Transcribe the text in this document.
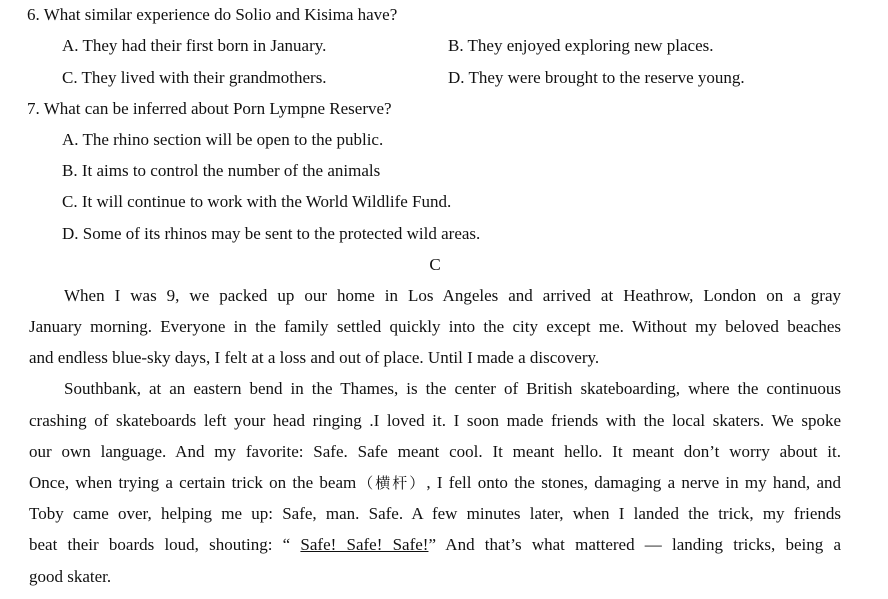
6. What similar experience do Solio and Kisima have?
A. They had their first born in January.	B. They enjoyed exploring new places.
C. They lived with their grandmothers.	D. They were brought to the reserve young.
7. What can be inferred about Porn Lympne Reserve?
A. The rhino section will be open to the public.
B. It aims to control the number of the animals
C. It will continue to work with the World Wildlife Fund.
D. Some of its rhinos may be sent to the protected wild areas.
C
When I was 9, we packed up our home in Los Angeles and arrived at Heathrow, London on a gray
January morning. Everyone in the family settled quickly into the city except me. Without my beloved beaches
and endless blue-sky days, I felt at a loss and out of place. Until I made a discovery.
Southbank, at an eastern bend in the Thames, is the center of British skateboarding, where the continuous
crashing of skateboards left your head ringing .I loved it. I soon made friends with the local skaters. We spoke
our own language. And my favorite: Safe. Safe meant cool. It meant hello. It meant don’t worry about it.
Once, when trying a certain trick on the beam（横杆）, I fell onto the stones, damaging a nerve in my hand, and
Toby came over, helping me up: Safe, man. Safe. A few minutes later, when I landed the trick, my friends
beat their boards loud, shouting: “ Safe! Safe! Safe!” And that’s what mattered — landing tricks, being a
good skater.
